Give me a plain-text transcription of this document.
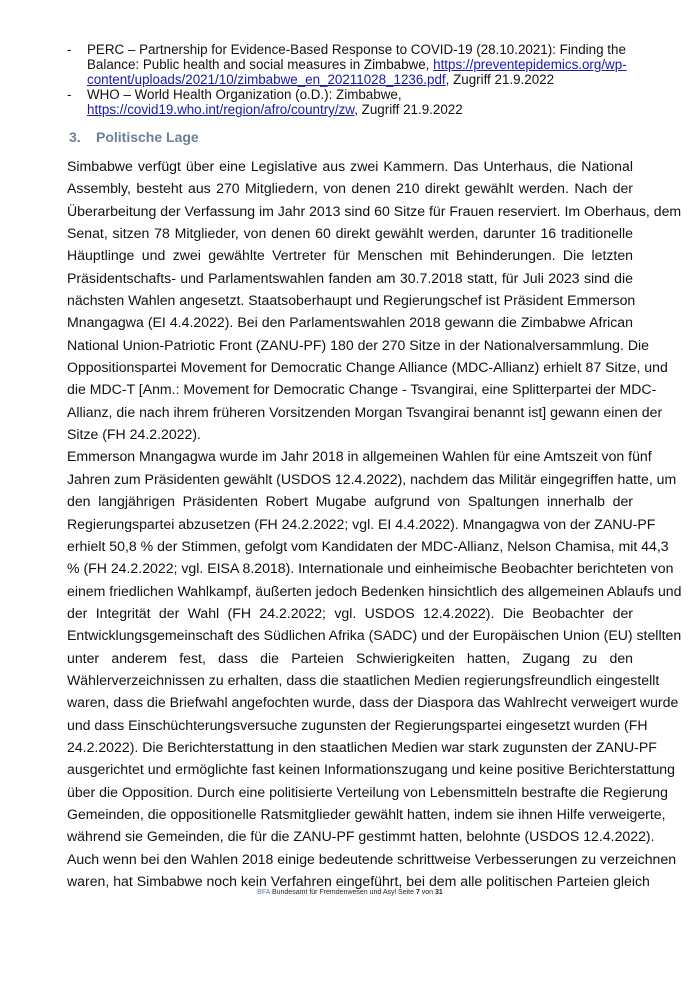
-	PERC – Partnership for Evidence-Based Response to COVID-19 (28.10.2021): Finding the Balance: Public health and social measures in Zimbabwe, https://preventepidemics.org/wp-content/uploads/2021/10/zimbabwe_en_20211028_1236.pdf, Zugriff 21.9.2022
-	WHO – World Health Organization (o.D.): Zimbabwe,
https://covid19.who.int/region/afro/country/zw, Zugriff 21.9.2022
3. Politische Lage
Simbabwe verfügt über eine Legislative aus zwei Kammern. Das Unterhaus, die National
Assembly, besteht aus 270 Mitgliedern, von denen 210 direkt gewählt werden. Nach der
Überarbeitung der Verfassung im Jahr 2013 sind 60 Sitze für Frauen reserviert. Im Oberhaus, dem
Senat, sitzen 78 Mitglieder, von denen 60 direkt gewählt werden, darunter 16 traditionelle
Häuptlinge und zwei gewählte Vertreter für Menschen mit Behinderungen. Die letzten
Präsidentschafts- und Parlamentswahlen fanden am 30.7.2018 statt, für Juli 2023 sind die
nächsten Wahlen angesetzt. Staatsoberhaupt und Regierungschef ist Präsident Emmerson
Mnangagwa (EI 4.4.2022). Bei den Parlamentswahlen 2018 gewann die Zimbabwe African
National Union-Patriotic Front (ZANU-PF) 180 der 270 Sitze in der Nationalversammlung. Die
Oppositionspartei Movement for Democratic Change Alliance (MDC-Allianz) erhielt 87 Sitze, und
die MDC-T [Anm.: Movement for Democratic Change - Tsvangirai, eine Splitterpartei der MDC-
Allianz, die nach ihrem früheren Vorsitzenden Morgan Tsvangirai benannt ist] gewann einen der
Sitze (FH 24.2.2022).
Emmerson Mnangagwa wurde im Jahr 2018 in allgemeinen Wahlen für eine Amtszeit von fünf
Jahren zum Präsidenten gewählt (USDOS 12.4.2022), nachdem das Militär eingegriffen hatte, um
den langjährigen Präsidenten Robert Mugabe aufgrund von Spaltungen innerhalb der
Regierungspartei abzusetzen (FH 24.2.2022; vgl. EI 4.4.2022). Mnangagwa von der ZANU-PF
erhielt 50,8 % der Stimmen, gefolgt vom Kandidaten der MDC-Allianz, Nelson Chamisa, mit 44,3
% (FH 24.2.2022; vgl. EISA 8.2018). Internationale und einheimische Beobachter berichteten von
einem friedlichen Wahlkampf, äußerten jedoch Bedenken hinsichtlich des allgemeinen Ablaufs und
der Integrität der Wahl (FH 24.2.2022; vgl. USDOS 12.4.2022). Die Beobachter der
Entwicklungsgemeinschaft des Südlichen Afrika (SADC) und der Europäischen Union (EU) stellten
unter anderem fest, dass die Parteien Schwierigkeiten hatten, Zugang zu den
Wählerverzeichnissen zu erhalten, dass die staatlichen Medien regierungsfreundlich eingestellt
waren, dass die Briefwahl angefochten wurde, dass der Diaspora das Wahlrecht verweigert wurde
und dass Einschüchterungsversuche zugunsten der Regierungspartei eingesetzt wurden (FH
24.2.2022). Die Berichterstattung in den staatlichen Medien war stark zugunsten der ZANU-PF
ausgerichtet und ermöglichte fast keinen Informationszugang und keine positive Berichterstattung
über die Opposition. Durch eine politisierte Verteilung von Lebensmitteln bestrafte die Regierung
Gemeinden, die oppositionelle Ratsmitglieder gewählt hatten, indem sie ihnen Hilfe verweigerte,
während sie Gemeinden, die für die ZANU-PF gestimmt hatten, belohnte (USDOS 12.4.2022).
Auch wenn bei den Wahlen 2018 einige bedeutende schrittweise Verbesserungen zu verzeichnen
waren, hat Simbabwe noch kein Verfahren eingeführt, bei dem alle politischen Parteien gleich
BFA Bundesamt für Fremdenwesen und Asyl Seite 7 von 31
